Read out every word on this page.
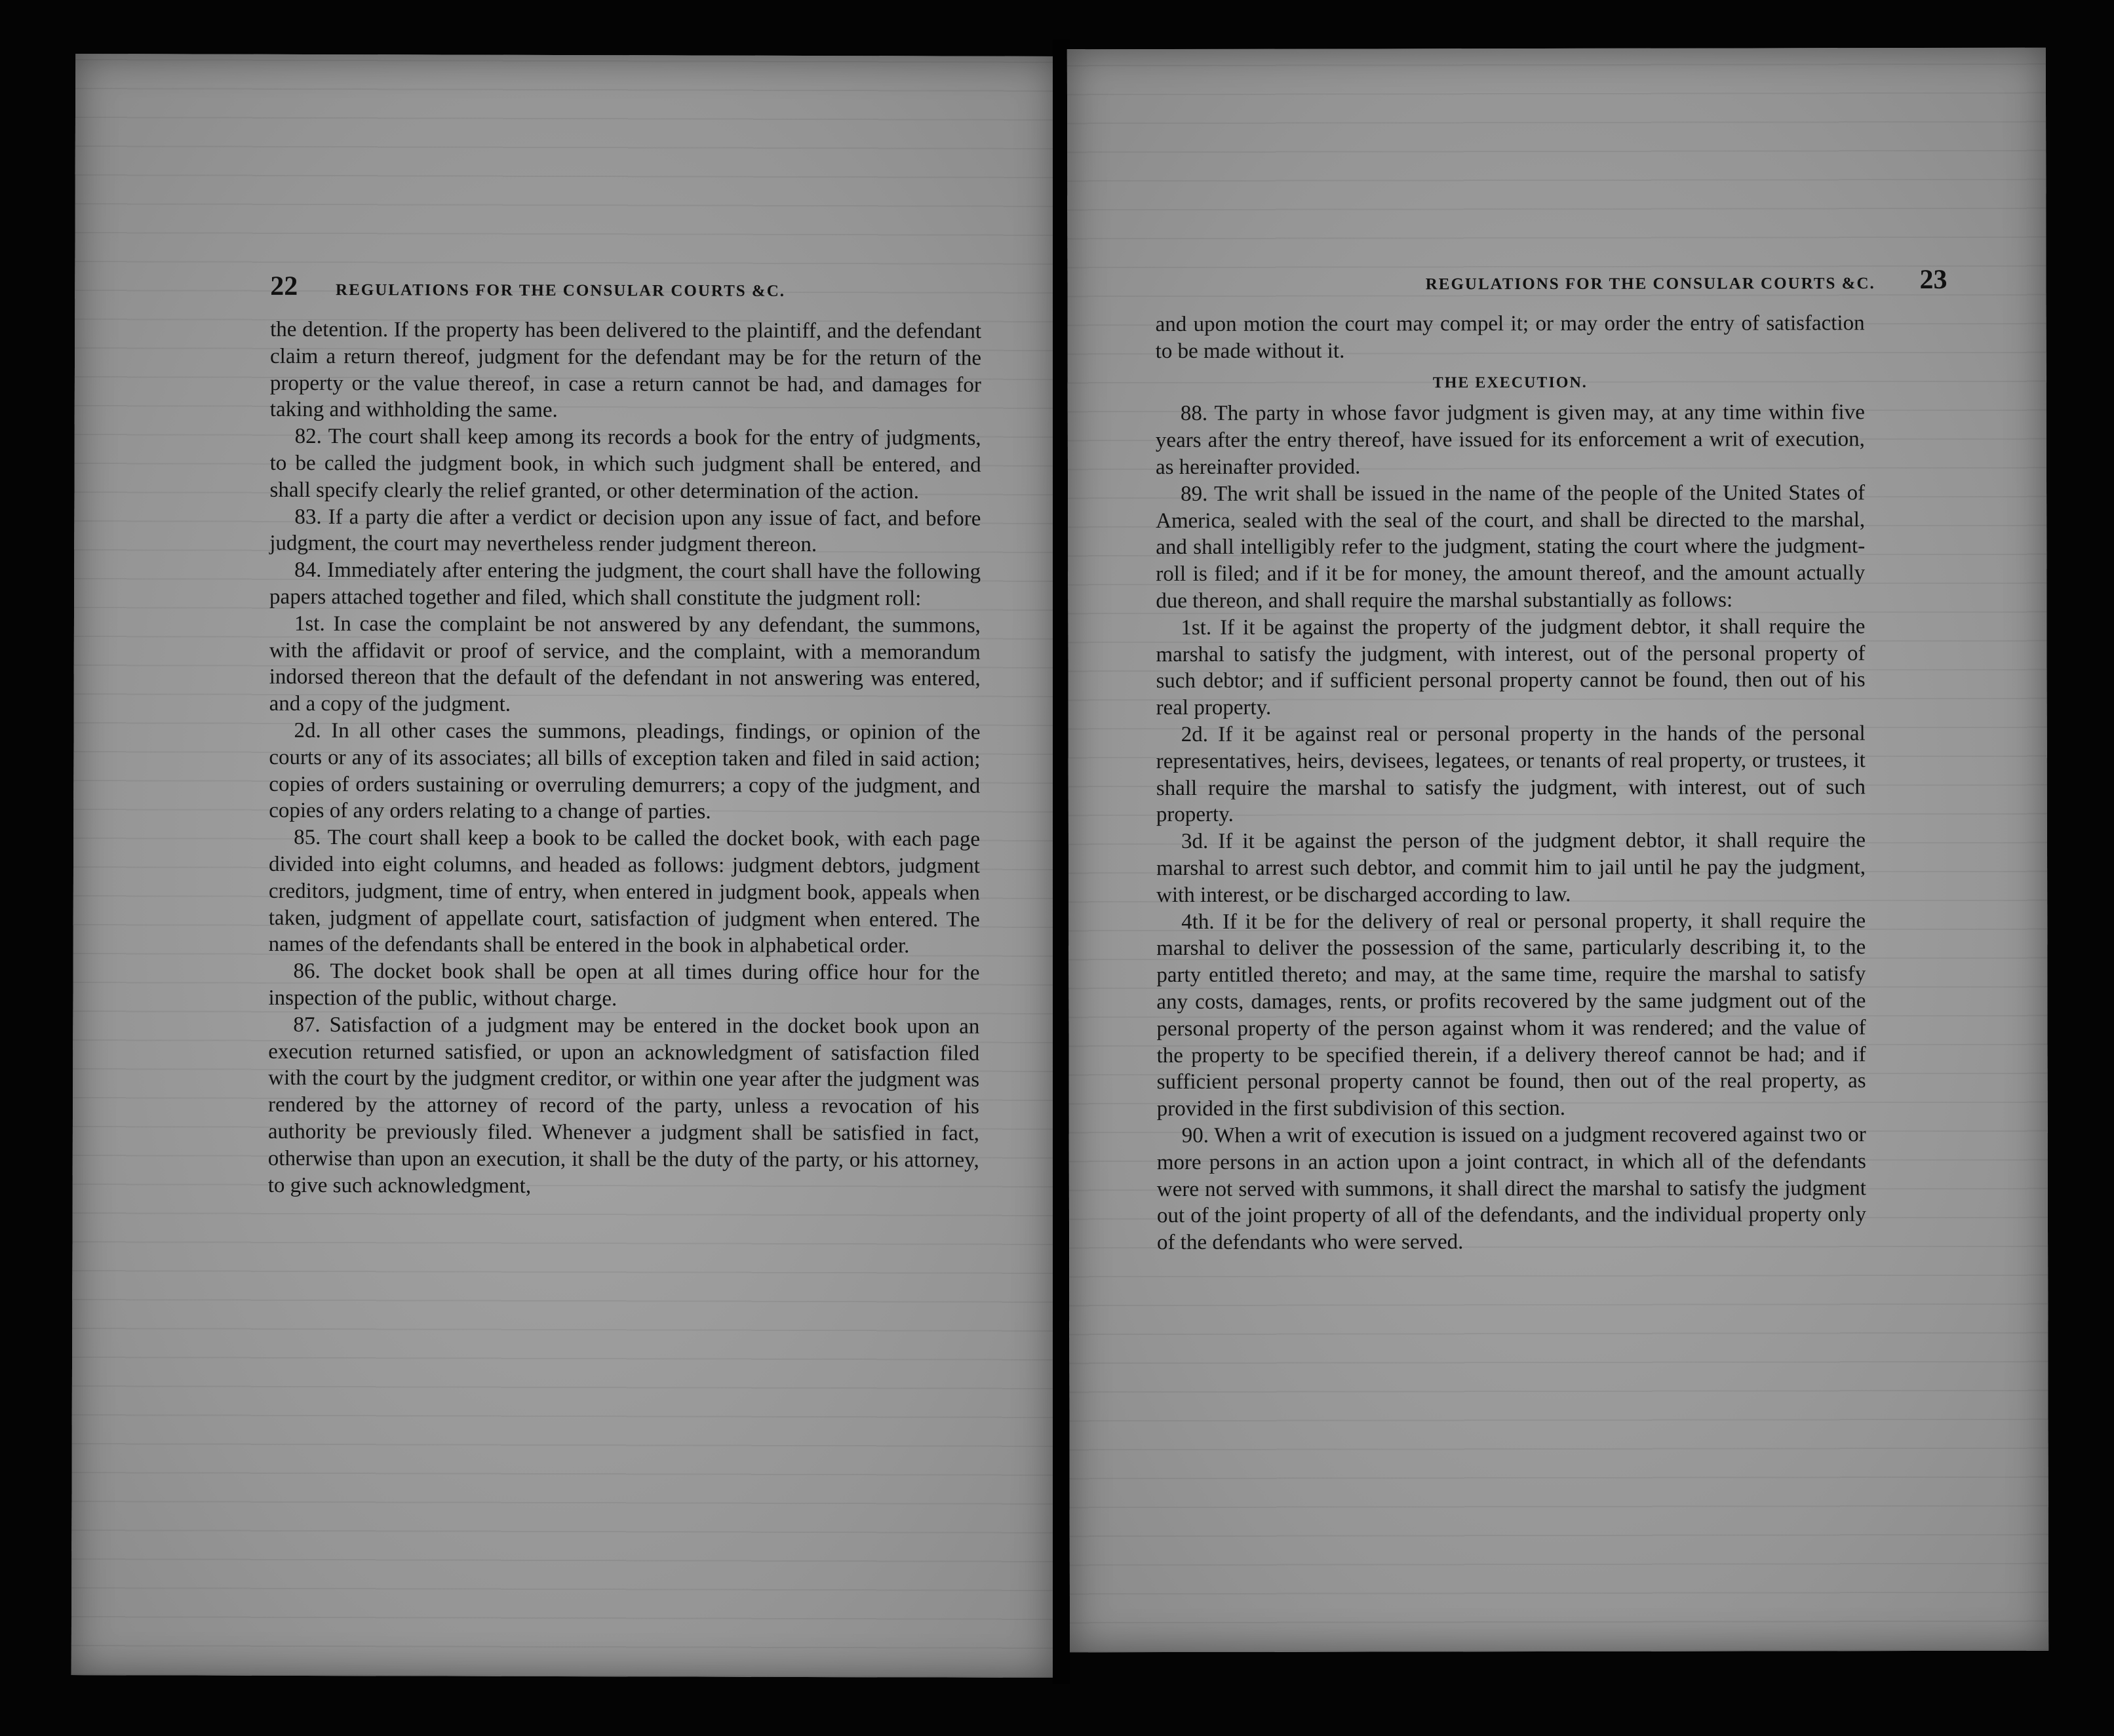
22 REGULATIONS FOR THE CONSULAR COURTS &C.

the detention. If the property has been delivered to the plaintiff, and the defendant claim a return thereof, judgment for the defendant may be for the return of the property or the value thereof, in case a return cannot be had, and damages for taking and withholding the same.

82. The court shall keep among its records a book for the entry of judgments, to be called the judgment book, in which such judgment shall be entered, and shall specify clearly the relief granted, or other determination of the action.

83. If a party die after a verdict or decision upon any issue of fact, and before judgment, the court may nevertheless render judgment thereon.

84. Immediately after entering the judgment, the court shall have the following papers attached together and filed, which shall constitute the judgment roll:

1st. In case the complaint be not answered by any defendant, the summons, with the affidavit or proof of service, and the complaint, with a memorandum indorsed thereon that the default of the defendant in not answering was entered, and a copy of the judgment.

2d. In all other cases the summons, pleadings, findings, or opinion of the courts or any of its associates; all bills of exception taken and filed in said action; copies of orders sustaining or overruling demurrers; a copy of the judgment, and copies of any orders relating to a change of parties.

85. The court shall keep a book to be called the docket book, with each page divided into eight columns, and headed as follows: judgment debtors, judgment creditors, judgment, time of entry, when entered in judgment book, appeals when taken, judgment of appellate court, satisfaction of judgment when entered. The names of the defendants shall be entered in the book in alphabetical order.

86. The docket book shall be open at all times during office hour for the inspection of the public, without charge.

87. Satisfaction of a judgment may be entered in the docket book upon an execution returned satisfied, or upon an acknowledgment of satisfaction filed with the court by the judgment creditor, or within one year after the judgment was rendered by the attorney of record of the party, unless a revocation of his authority be previously filed. Whenever a judgment shall be satisfied in fact, otherwise than upon an execution, it shall be the duty of the party, or his attorney, to give such acknowledgment,

REGULATIONS FOR THE CONSULAR COURTS &C. 23

and upon motion the court may compel it; or may order the entry of satisfaction to be made without it.

THE EXECUTION.

88. The party in whose favor judgment is given may, at any time within five years after the entry thereof, have issued for its enforcement a writ of execution, as hereinafter provided.

89. The writ shall be issued in the name of the people of the United States of America, sealed with the seal of the court, and shall be directed to the marshal, and shall intelligibly refer to the judgment, stating the court where the judgment-roll is filed; and if it be for money, the amount thereof, and the amount actually due thereon, and shall require the marshal substantially as follows:

1st. If it be against the property of the judgment debtor, it shall require the marshal to satisfy the judgment, with interest, out of the personal property of such debtor; and if sufficient personal property cannot be found, then out of his real property.

2d. If it be against real or personal property in the hands of the personal representatives, heirs, devisees, legatees, or tenants of real property, or trustees, it shall require the marshal to satisfy the judgment, with interest, out of such property.

3d. If it be against the person of the judgment debtor, it shall require the marshal to arrest such debtor, and commit him to jail until he pay the judgment, with interest, or be discharged according to law.

4th. If it be for the delivery of real or personal property, it shall require the marshal to deliver the possession of the same, particularly describing it, to the party entitled thereto; and may, at the same time, require the marshal to satisfy any costs, damages, rents, or profits recovered by the same judgment out of the personal property of the person against whom it was rendered; and the value of the property to be specified therein, if a delivery thereof cannot be had; and if sufficient personal property cannot be found, then out of the real property, as provided in the first subdivision of this section.

90. When a writ of execution is issued on a judgment recovered against two or more persons in an action upon a joint contract, in which all of the defendants were not served with summons, it shall direct the marshal to satisfy the judgment out of the joint property of all of the defendants, and the individual property only of the defendants who were served.
